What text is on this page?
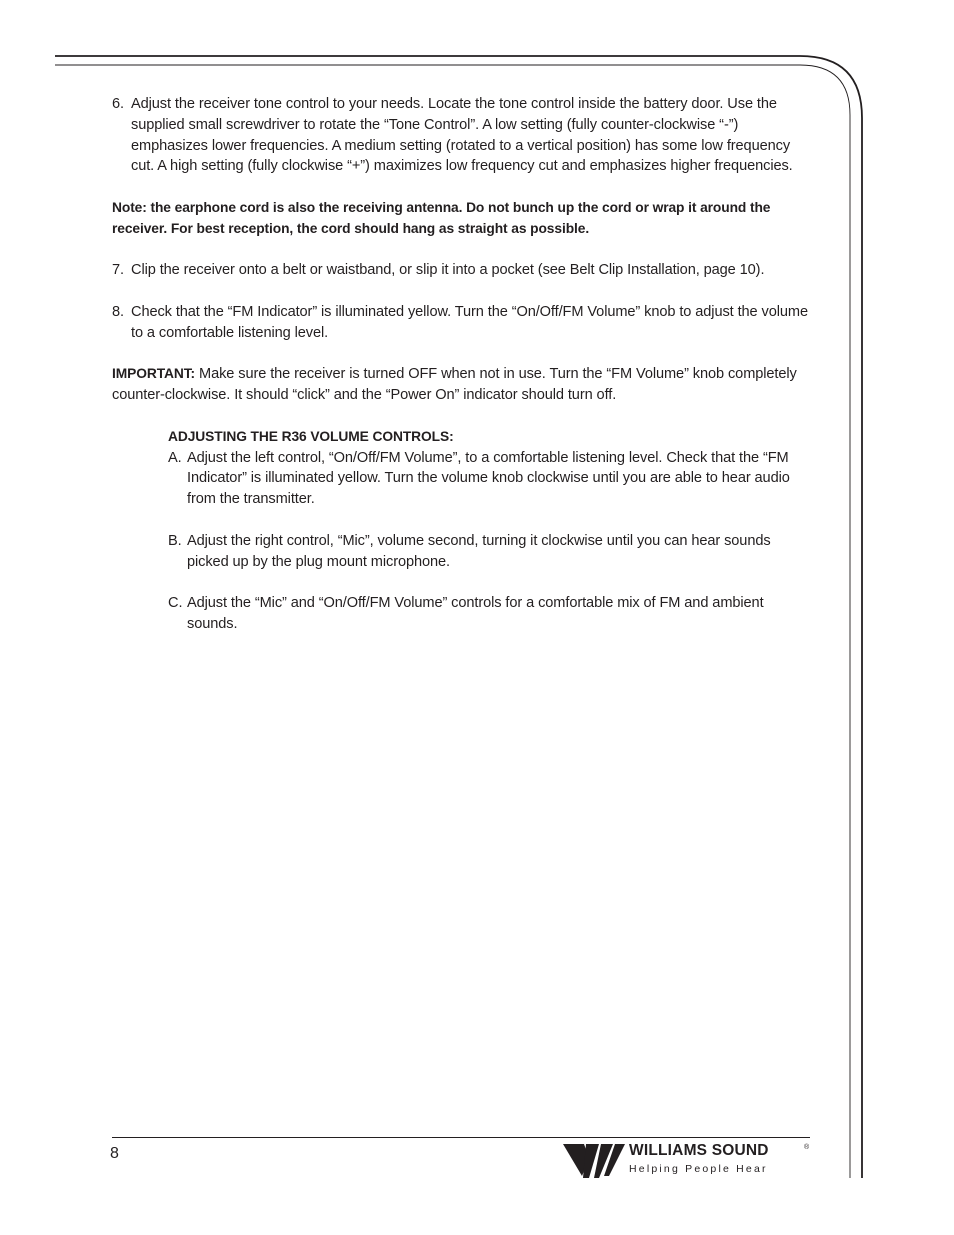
6. Adjust the receiver tone control to your needs. Locate the tone control inside the battery door. Use the supplied small screwdriver to rotate the “Tone Control”. A low setting (fully counter-clockwise “-”) emphasizes lower frequencies. A medium setting (rotated to a vertical position) has some low frequency cut. A high setting (fully clockwise “+”) maximizes low frequency cut and emphasizes higher frequencies.

Note: the earphone cord is also the receiving antenna. Do not bunch up the cord or wrap it around the receiver. For best reception, the cord should hang as straight as possible.

7. Clip the receiver onto a belt or waistband, or slip it into a pocket (see Belt Clip Installation, page 10).
8. Check that the “FM Indicator” is illuminated yellow. Turn the “On/Off/FM Volume” knob to adjust the volume to a comfortable listening level.

IMPORTANT: Make sure the receiver is turned OFF when not in use. Turn the “FM Volume” knob completely counter-clockwise. It should “click” and the “Power On” indicator should turn off.

ADJUSTING THE R36 VOLUME CONTROLS:

A. Adjust the left control, “On/Off/FM Volume”, to a comfortable listening level. Check that the “FM Indicator” is illuminated yellow. Turn the volume knob clockwise until you are able to hear audio from the transmitter.
B. Adjust the right control, “Mic”, volume second, turning it clockwise until you can hear sounds picked up by the plug mount microphone.
C. Adjust the “Mic” and “On/Off/FM Volume” controls for a comfortable mix of FM and ambient sounds.
8	WILLIAMS SOUND	®
Helping People Hear
